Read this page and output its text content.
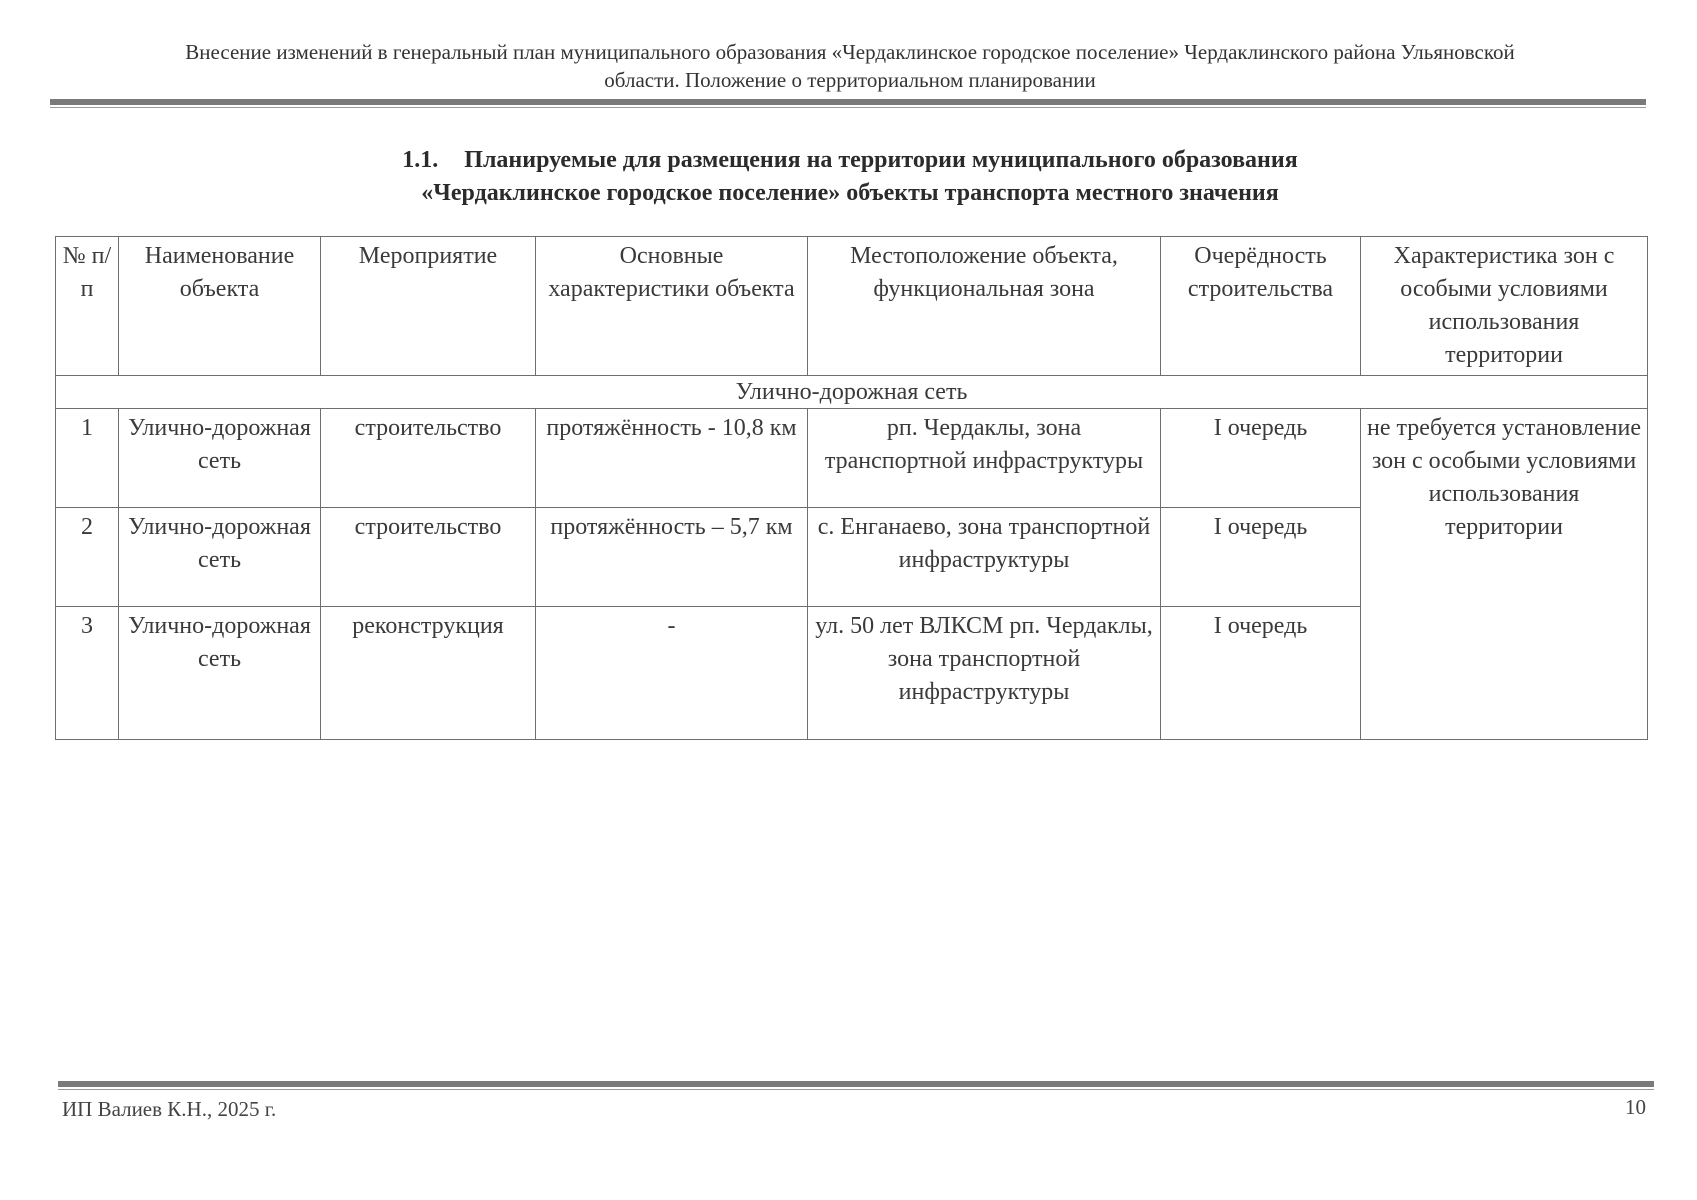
Внесение изменений в генеральный план муниципального образования «Чердаклинское городское поселение» Чердаклинского района Ульяновской
области. Положение о территориальном планировании
1.1. Планируемые для размещения на территории муниципального образования
«Чердаклинское городское поселение» объекты транспорта местного значения
№ п/п	Наименование объекта	Мероприятие	Основные характеристики объекта	Местоположение объекта, функциональная зона	Очерёдность строительства	Характеристика зон с особыми условиями использования территории
Улично-дорожная сеть						
1	Улично-дорожная сеть	строительство	протяжённость - 10,8 км	рп. Чердаклы, зона транспортной инфраструктуры	I очередь	не требуется установление зон с особыми условиями использования территории
2	Улично-дорожная сеть	строительство	протяжённость – 5,7 км	с. Енганаево, зона транспортной инфраструктуры	I очередь	
3	Улично-дорожная сеть	реконструкция	-	ул. 50 лет ВЛКСМ рп. Чердаклы, зона транспортной инфраструктуры	I очередь	
ИП Валиев К.Н., 2025 г.	10
